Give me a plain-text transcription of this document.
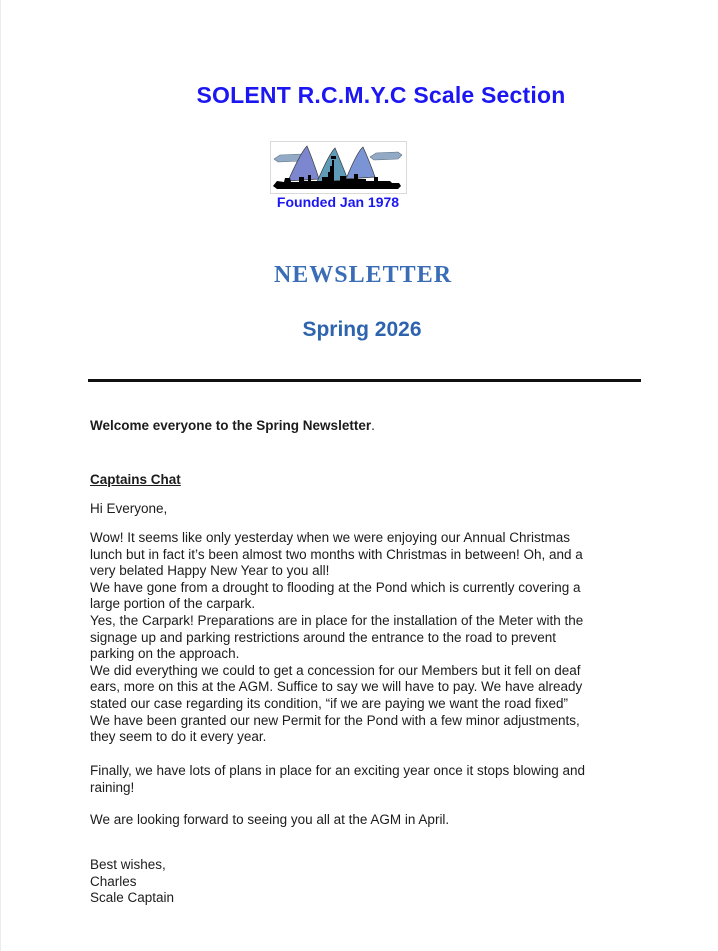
SOLENT R.C.M.Y.C Scale Section
Founded Jan 1978
NEWSLETTER
Spring 2026
Welcome everyone to the Spring Newsletter.
Captains Chat
Hi Everyone,
Wow! It seems like only yesterday when we were enjoying our Annual Christmas
lunch but in fact it’s been almost two months with Christmas in between! Oh, and a
very belated Happy New Year to you all!
We have gone from a drought to flooding at the Pond which is currently covering a
large portion of the carpark.
Yes, the Carpark! Preparations are in place for the installation of the Meter with the
signage up and parking restrictions around the entrance to the road to prevent
parking on the approach.
We did everything we could to get a concession for our Members but it fell on deaf
ears, more on this at the AGM. Suffice to say we will have to pay. We have already
stated our case regarding its condition, “if we are paying we want the road fixed”
We have been granted our new Permit for the Pond with a few minor adjustments,
they seem to do it every year.
Finally, we have lots of plans in place for an exciting year once it stops blowing and
raining!
We are looking forward to seeing you all at the AGM in April.
Best wishes,
Charles
Scale Captain
